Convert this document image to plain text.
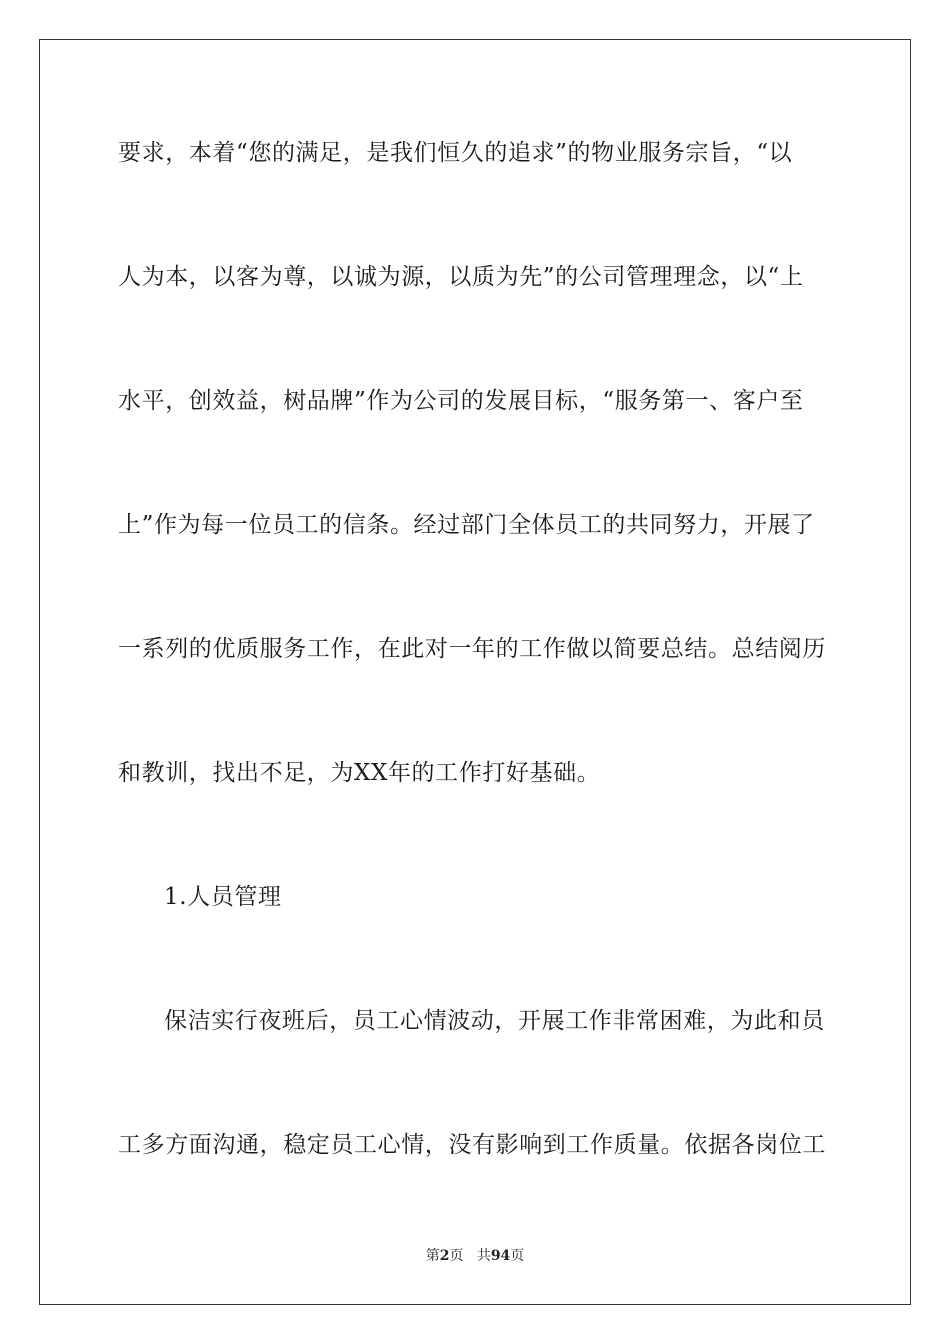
要求，本着“您的满足，是我们恒久的追求”的物业服务宗旨，“以
人为本，以客为尊，以诚为源，以质为先”的公司管理理念，以“上
水平，创效益，树品牌”作为公司的发展目标，“服务第一、客户至
上”作为每一位员工的信条。经过部门全体员工的共同努力，开展了
一系列的优质服务工作，在此对一年的工作做以简要总结。总结阅历
和教训，找出不足，为XX年的工作打好基础。
1.人员管理
保洁实行夜班后，员工心情波动，开展工作非常困难，为此和员
工多方面沟通，稳定员工心情，没有影响到工作质量。依据各岗位工
第2页 共94页
